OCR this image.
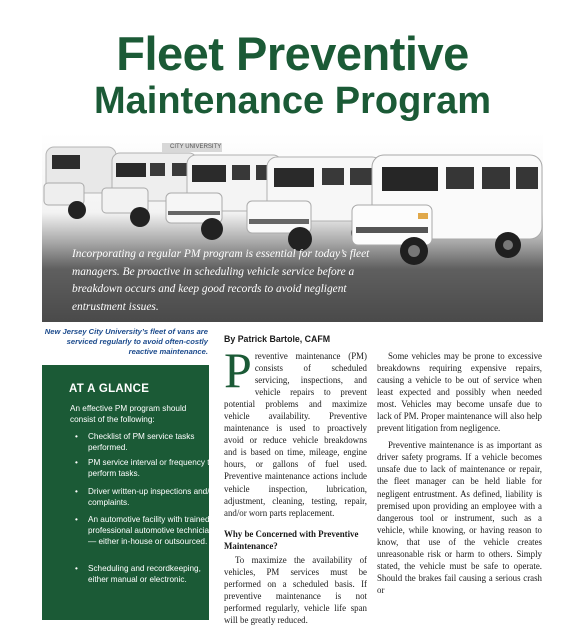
Fleet Preventive
Maintenance Program
CITY UNIVERSITY

Incorporating a regular PM program is essential for today’s fleet managers. Be proactive in scheduling vehicle service before a breakdown occurs and keep good records to avoid negligent entrustment issues.

New Jersey City University’s fleet of vans are serviced regularly to avoid often-costly reactive maintenance.

AT A GLANCE

An effective PM program should consist of the following:

• Checklist of PM service tasks performed.
• PM service interval or frequency to perform tasks.
• Driver written-up inspections and/or complaints.
• An automotive facility with trained professional automotive technicians — either in-house or outsourced.
• Scheduling and recordkeeping, either manual or electronic.

By Patrick Bartole, CAFM

Preventive maintenance (PM) consists of scheduled servicing, inspections, and vehicle repairs to prevent potential problems and maximize vehicle availability. Preventive maintenance is used to proactively avoid or reduce vehicle breakdowns and is based on time, mileage, engine hours, or gallons of fuel used. Preventive maintenance actions include vehicle inspection, lubrication, adjustment, cleaning, testing, repair, and/or worn parts replacement.

Why be Concerned with Preventive Maintenance?

To maximize the availability of vehicles, PM services must be performed on a scheduled basis. If preventive maintenance is not performed regularly, vehicle life span will be greatly reduced.

Some vehicles may be prone to excessive breakdowns requiring expensive repairs, causing a vehicle to be out of service when least expected and possibly when needed most. Vehicles may become unsafe due to lack of PM. Proper maintenance will also help prevent litigation from negligence.

Preventive maintenance is as important as driver safety programs. If a vehicle becomes unsafe due to lack of maintenance or repair, the fleet manager can be held liable for negligent entrustment. As defined, liability is premised upon providing an employee with a dangerous tool or instrument, such as a vehicle, while knowing, or having reason to know, that use of the vehicle creates unreasonable risk or harm to others. Simply stated, the vehicle must be safe to operate. Should the brakes fail causing a serious crash or
